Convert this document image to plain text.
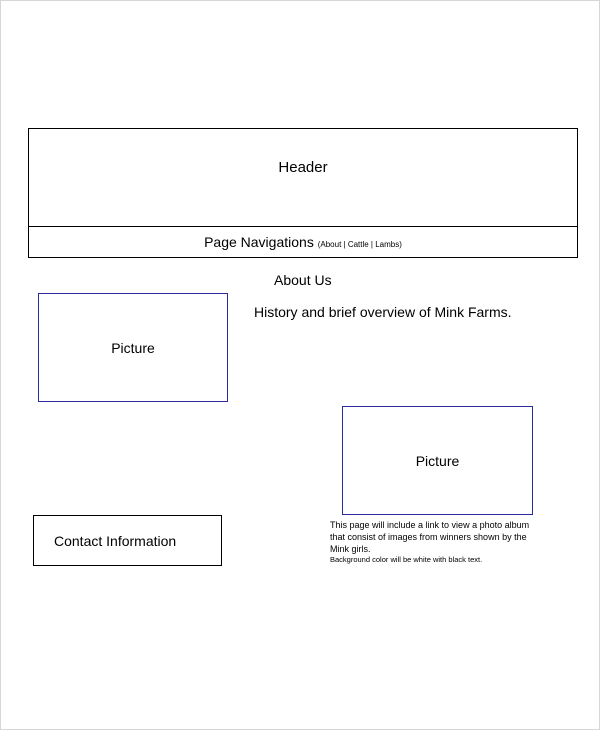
Header
Page Navigations (About | Cattle | Lambs)
About Us
History and brief overview of Mink Farms.
Picture
Picture
Contact Information
This page will include a link to view a photo album that consist of images from winners shown by the Mink girls.
Background color will be white with black text.
